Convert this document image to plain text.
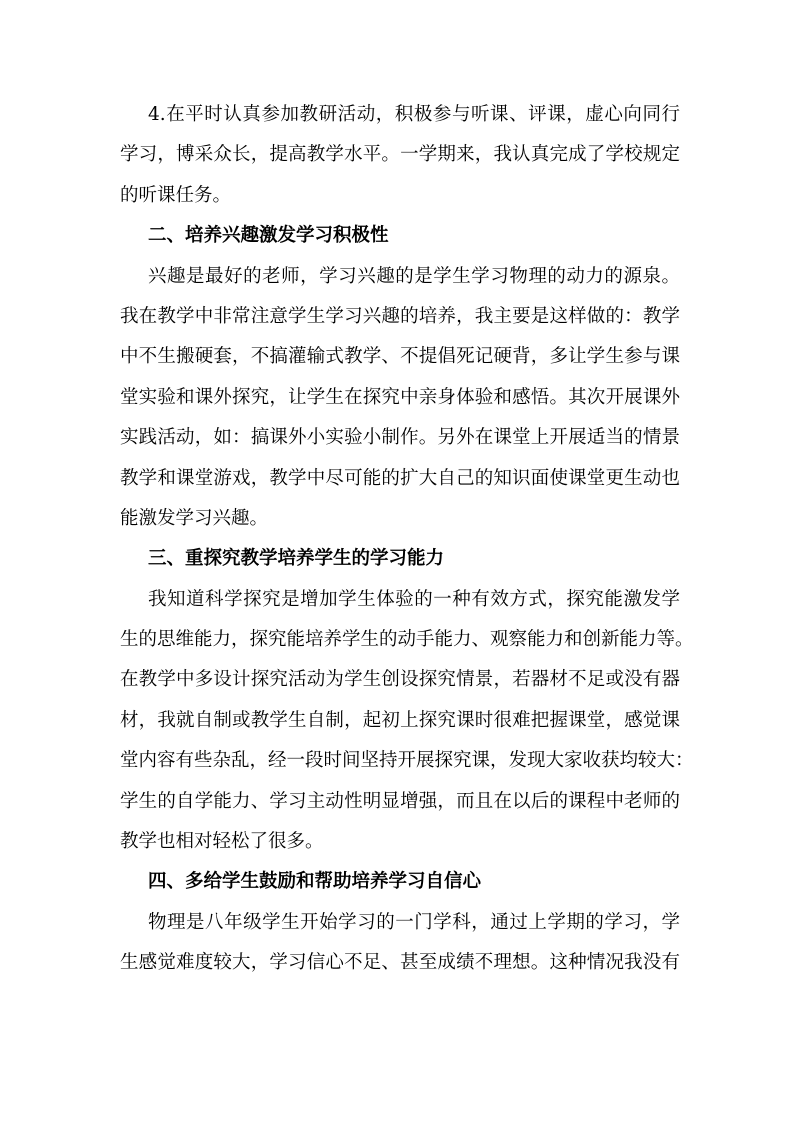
4.在平时认真参加教研活动，积极参与听课、评课，虚心向同行
学习，博采众长，提高教学水平。一学期来，我认真完成了学校规定
的听课任务。
二、培养兴趣激发学习积极性
兴趣是最好的老师，学习兴趣的是学生学习物理的动力的源泉。
我在教学中非常注意学生学习兴趣的培养，我主要是这样做的：教学
中不生搬硬套，不搞灌输式教学、不提倡死记硬背，多让学生参与课
堂实验和课外探究，让学生在探究中亲身体验和感悟。其次开展课外
实践活动，如：搞课外小实验小制作。另外在课堂上开展适当的情景
教学和课堂游戏，教学中尽可能的扩大自己的知识面使课堂更生动也
能激发学习兴趣。
三、重探究教学培养学生的学习能力
我知道科学探究是增加学生体验的一种有效方式，探究能激发学
生的思维能力，探究能培养学生的动手能力、观察能力和创新能力等。
在教学中多设计探究活动为学生创设探究情景，若器材不足或没有器
材，我就自制或教学生自制，起初上探究课时很难把握课堂，感觉课
堂内容有些杂乱，经一段时间坚持开展探究课，发现大家收获均较大：
学生的自学能力、学习主动性明显增强，而且在以后的课程中老师的
教学也相对轻松了很多。
四、多给学生鼓励和帮助培养学习自信心
物理是八年级学生开始学习的一门学科，通过上学期的学习，学
生感觉难度较大，学习信心不足、甚至成绩不理想。这种情况我没有
